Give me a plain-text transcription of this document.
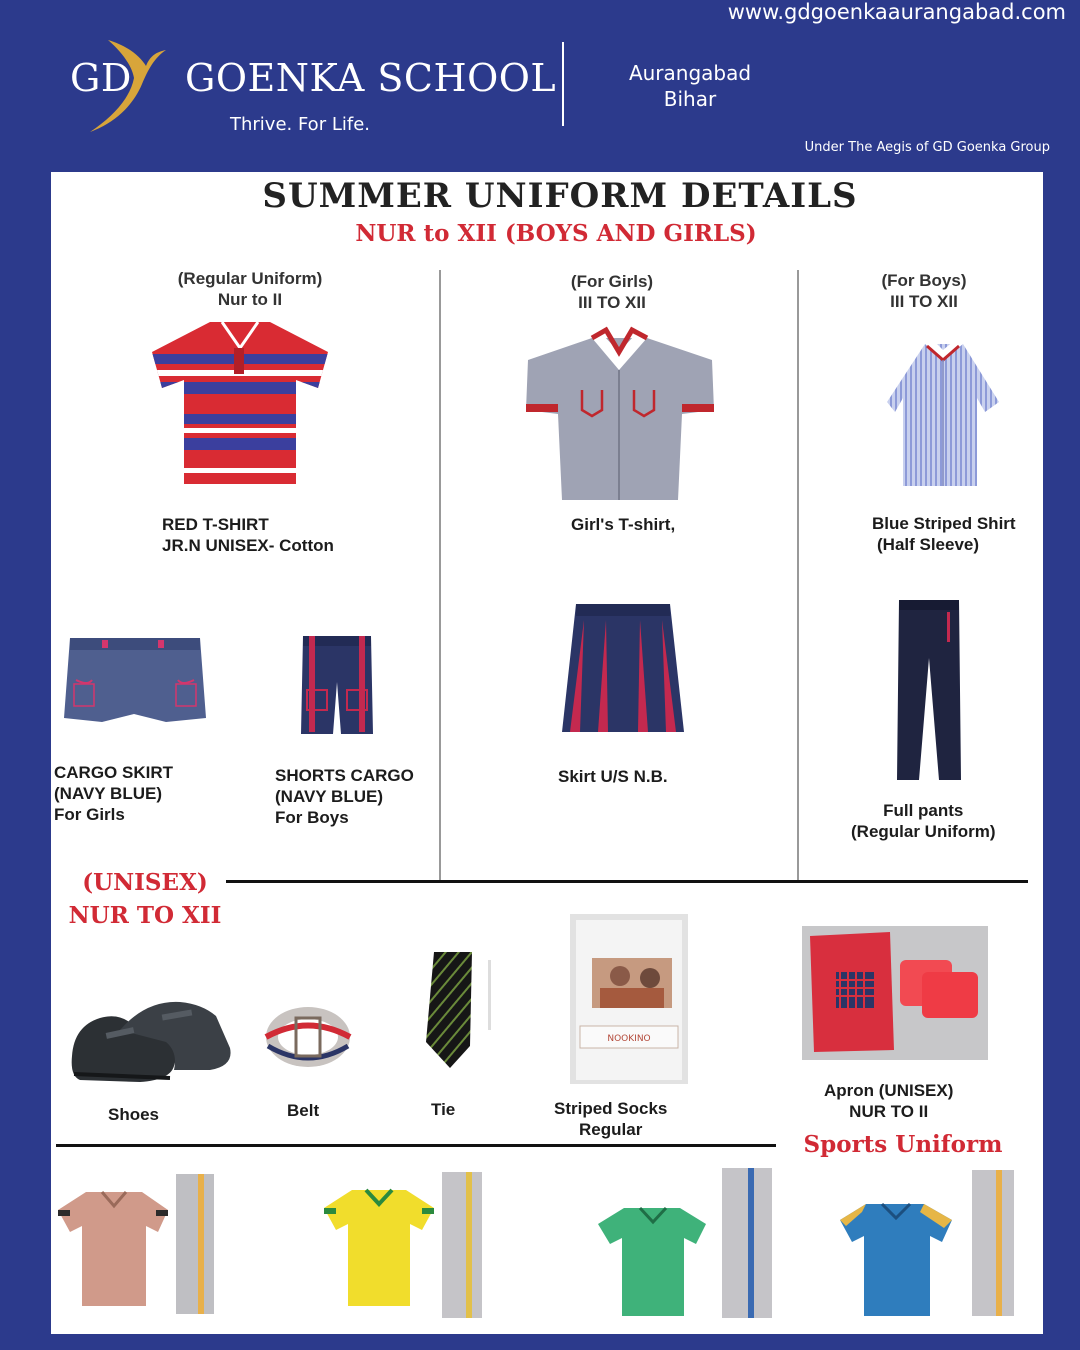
www.gdgoenkaaurangabad.com
GD GOENKA SCHOOL
Thrive. For Life.
Aurangabad
Bihar
Under The Aegis of GD Goenka Group
SUMMER UNIFORM DETAILS
NUR to XII (BOYS AND GIRLS)
(Regular Uniform)
Nur to II
(For Girls)
III TO XII
(For Boys)
III TO XII
RED T-SHIRT
JR.N UNISEX- Cotton
Girl's T-shirt,	Blue Striped Shirt
(Half Sleeve)
CARGO SKIRT
(NAVY BLUE)
For Girls
SHORTS CARGO
(NAVY BLUE)
For Boys
Skirt U/S N.B.
Full pants
(Regular Uniform)
(UNISEX)
NUR TO XII
Shoes	Belt	Tie
NOOKINO
Striped Socks
Regular
Apron (UNISEX)
NUR TO II
Sports Uniform
